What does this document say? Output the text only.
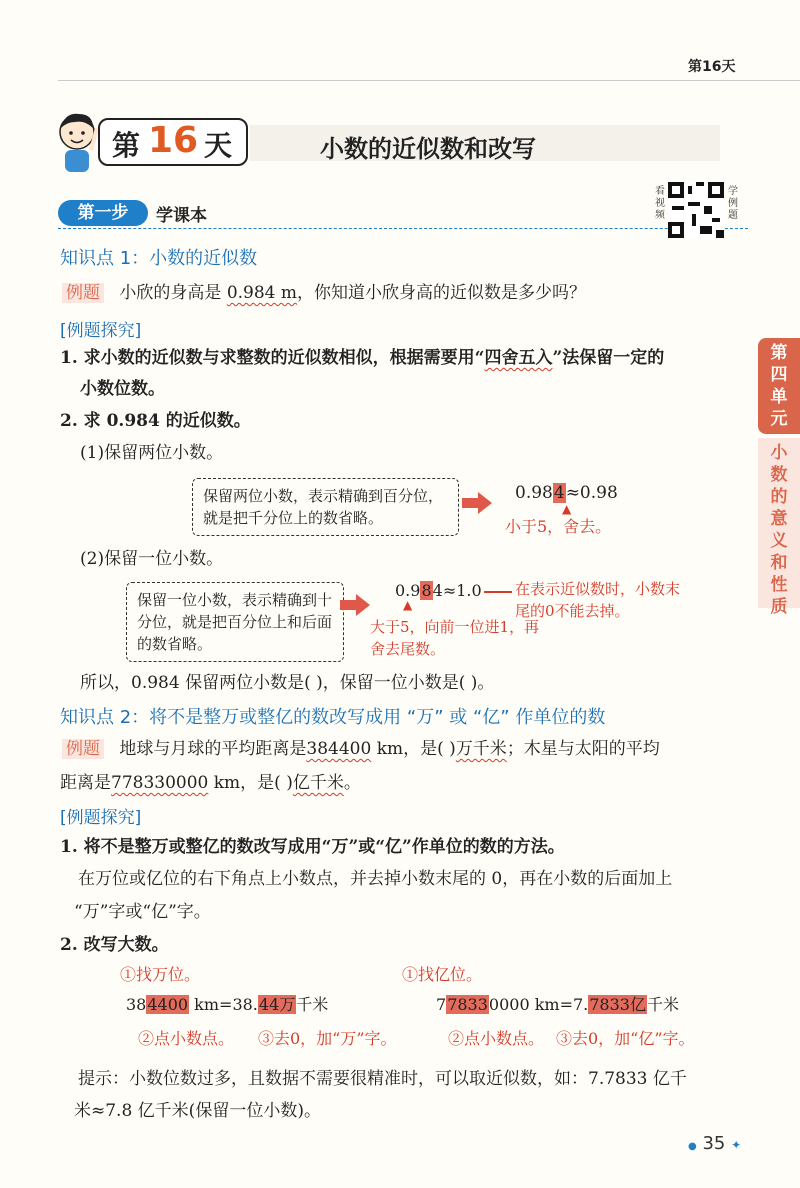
第16天
第 16 天	小数的近似数和改写
第一步	学课本
看视频
学例题
第四单元
小数的意义和性质
知识点 1：小数的近似数
例题 小欣的身高是 0.984 m，你知道小欣身高的近似数是多少吗？
[例题探究]
1. 求小数的近似数与求整数的近似数相似，根据需要用“四舍五入”法保留一定的
小数位数。
2. 求 0.984 的近似数。
(1)保留两位小数。
保留两位小数，表示精确到百分位，就是把千分位上的数省略。
0.984≈0.98
▲
小于5，舍去。
(2)保留一位小数。
保留一位小数，表示精确到十分位，就是把百分位上和后面的数省略。
0.984≈1.0 在表示近似数时，小数末尾的0不能去掉。
▲
大于5，向前一位进1，再舍去尾数。
所以，0.984 保留两位小数是( )，保留一位小数是( )。
知识点 2：将不是整万或整亿的数改写成用 “万” 或 “亿” 作单位的数
例题 地球与月球的平均距离是384400 km，是( )万千米；木星与太阳的平均
距离是778330000 km，是( )亿千米。
[例题探究]
1. 将不是整万或整亿的数改写成用“万”或“亿”作单位的数的方法。
在万位或亿位的右下角点上小数点，并去掉小数末尾的 0，再在小数的后面加上
“万”字或“亿”字。
2. 改写大数。
①找万位。
384400 km=38.44万千米
②点小数点。 ③去0，加“万”字。
①找亿位。
778330000 km=7.7833亿千米
②点小数点。 ③去0，加“亿”字。
提示：小数位数过多，且数据不需要很精准时，可以取近似数，如：7.7833 亿千
米≈7.8 亿千米(保留一位小数)。
● 35 ✦
